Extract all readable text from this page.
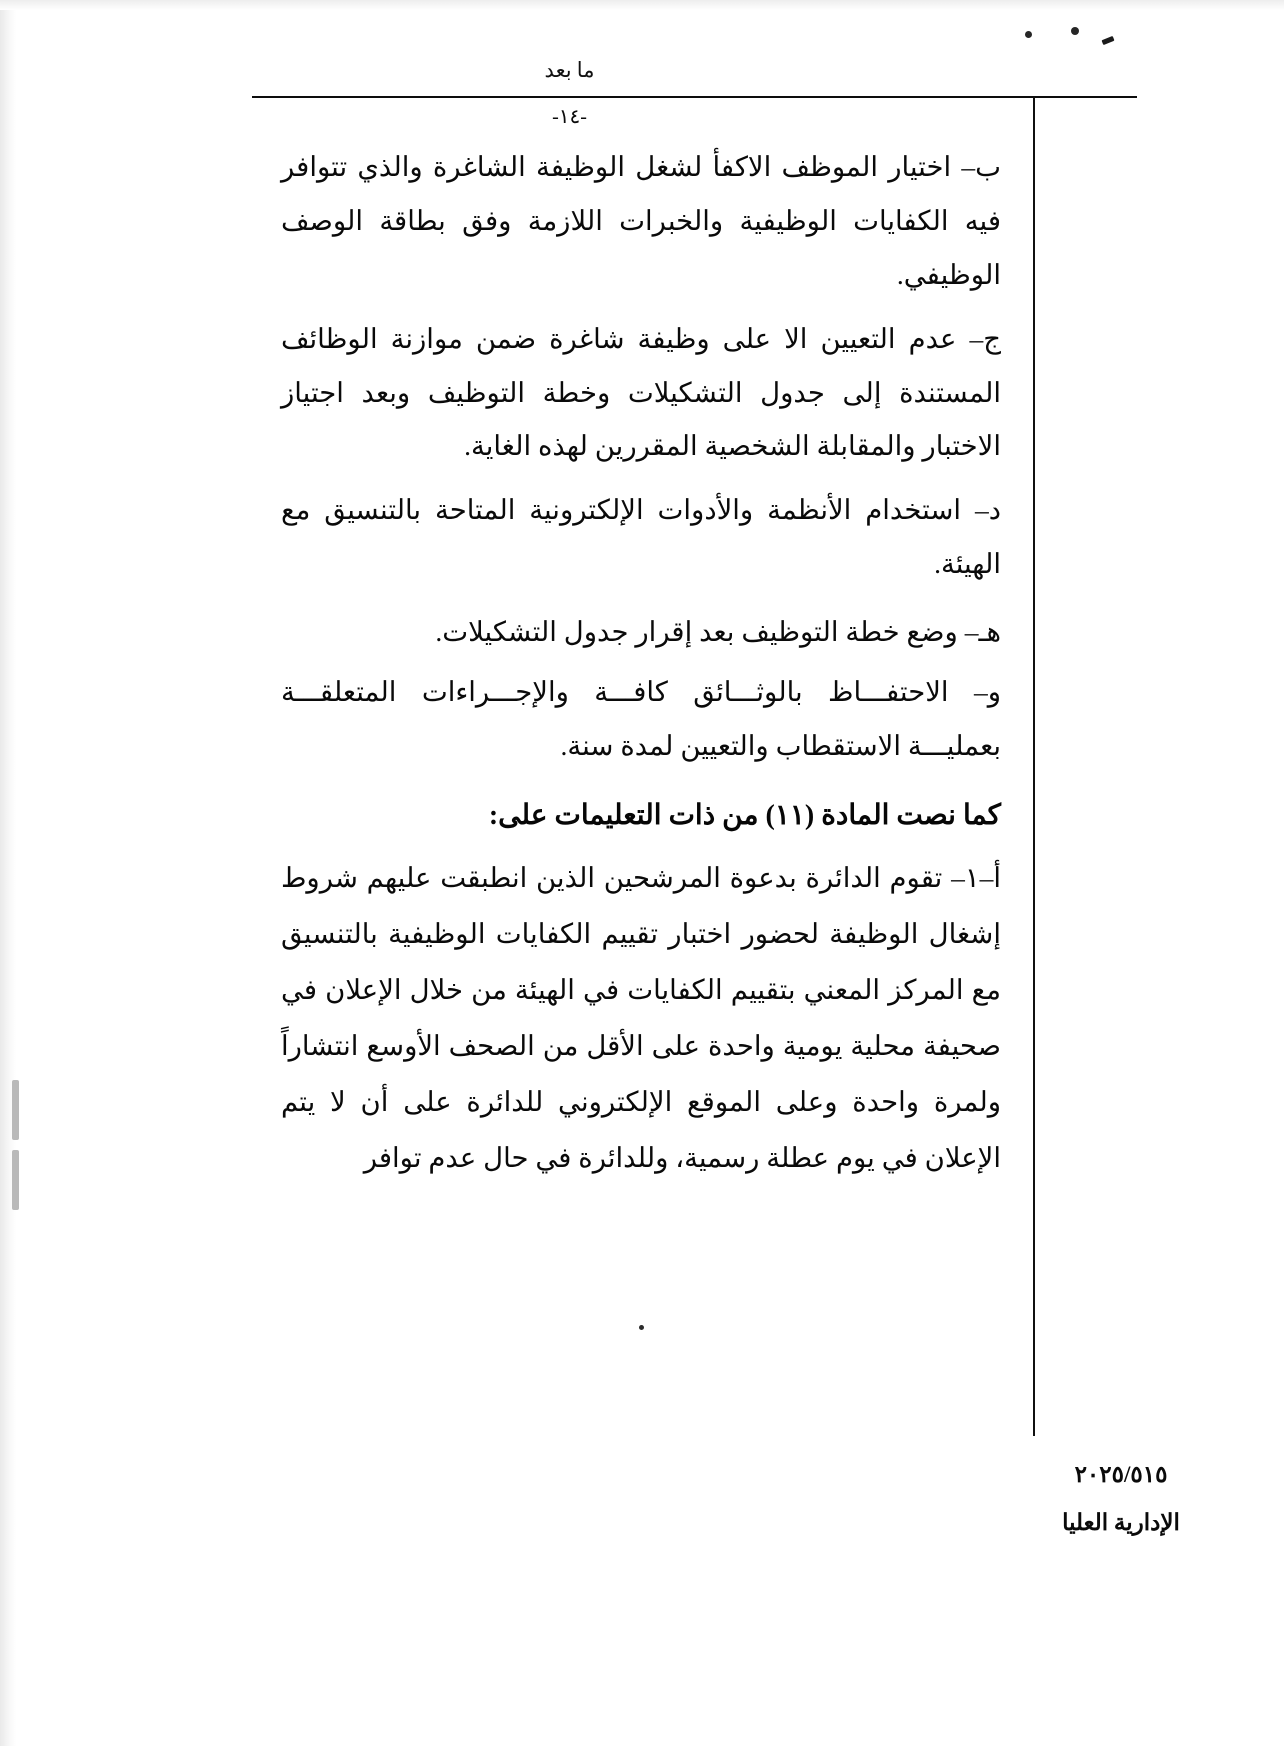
ما بعد
-١٤-

ب– اختيار الموظف الاكفأ لشغل الوظيفة الشاغرة والذي تتوافر فيه الكفايات الوظيفية والخبرات اللازمة وفق بطاقة الوصف الوظيفي.

ج– عدم التعيين الا على وظيفة شاغرة ضمن موازنة الوظائف المستندة إلى جدول التشكيلات وخطة التوظيف وبعد اجتياز الاختبار والمقابلة الشخصية المقررين لهذه الغاية.

د– استخدام الأنظمة والأدوات الإلكترونية المتاحة بالتنسيق مع الهيئة.

هـ– وضع خطة التوظيف بعد إقرار جدول التشكيلات.

و– الاحتفـــاظ بالوثـــائق كافـــة والإجـــراءات المتعلقـــة بعمليـــة الاستقطاب والتعيين لمدة سنة.

كما نصت المادة (١١) من ذات التعليمات على:

أ–١– تقوم الدائرة بدعوة المرشحين الذين انطبقت عليهم شروط إشغال الوظيفة لحضور اختبار تقييم الكفايات الوظيفية بالتنسيق مع المركز المعني بتقييم الكفايات في الهيئة من خلال الإعلان في صحيفة محلية يومية واحدة على الأقل من الصحف الأوسع انتشاراً ولمرة واحدة وعلى الموقع الإلكتروني للدائرة على أن لا يتم الإعلان في يوم عطلة رسمية، وللدائرة في حال عدم توافر

٢٠٢٥/٥١٥
الإدارية العليا
